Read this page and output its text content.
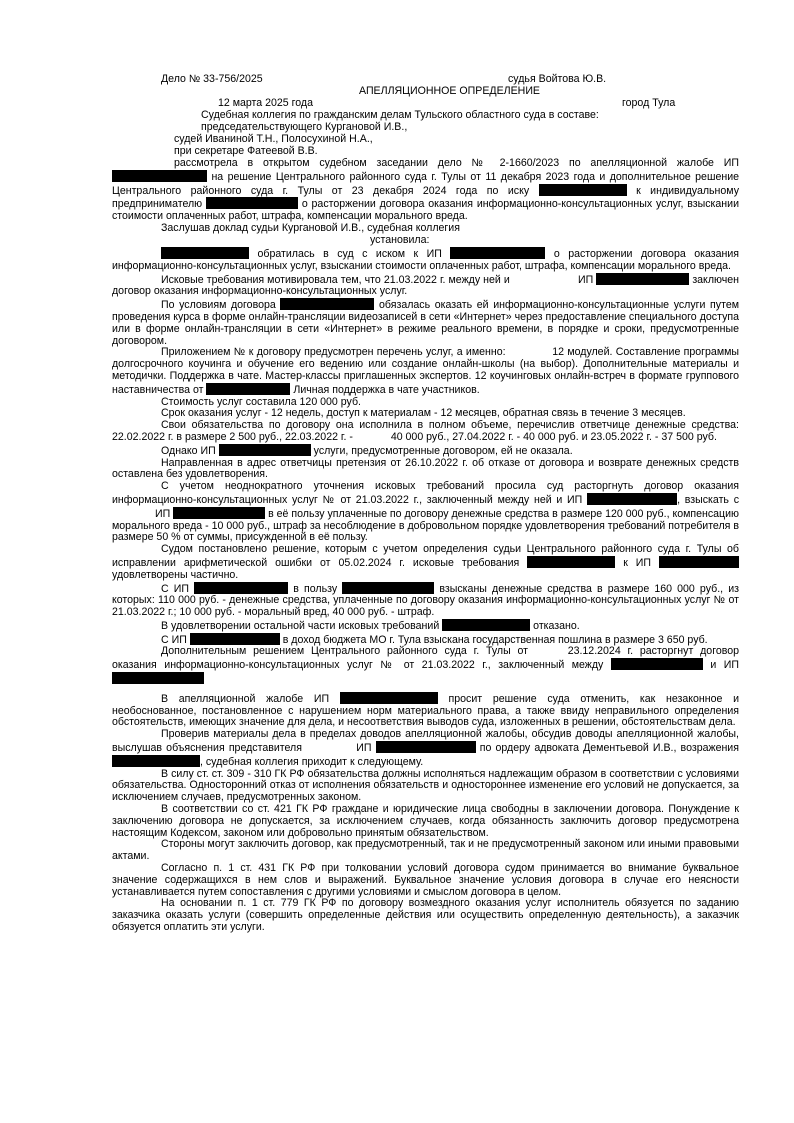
Дело № 33-756/2025	судья Войтова Ю.В.
АПЕЛЛЯЦИОННОЕ ОПРЕДЕЛЕНИЕ
12 марта 2025 года	город Тула
Судебная коллегия по гражданским делам Тульского областного суда в составе:
председательствующего Кургановой И.В.,
судей Иваниной Т.Н., Полосухиной Н.А.,
при секретаре Фатеевой В.В.

рассмотрела в открытом судебном заседании дело № 2-1660/2023 по апелляционной жалобе ИП  на решение Центрального районного суда г. Тулы от 11 декабря 2023 года и дополнительное решение Центрального районного суда г. Тулы от 23 декабря 2024 года по иску	к индивидуальному предпринимателю	о расторжении договора оказания информационно-консультационных услуг, взыскании стоимости оплаченных работ, штрафа, компенсации морального вреда.

Заслушав доклад судьи Кургановой И.В., судебная коллегия
установила:

обратилась в суд с иском к ИП	о расторжении договора оказания информационно-консультационных услуг, взыскании стоимости оплаченных работ, штрафа, компенсации морального вреда.

Исковые требования мотивировала тем, что 21.03.2022 г. между ней и	ИП	заключен договор оказания информационно-консультационных услуг.

По условиям договора	обязалась оказать ей информационно-консультационные услуги путем проведения курса в форме онлайн-трансляции видеозаписей в сети «Интернет» через предоставление специального доступа или в форме онлайн-трансляции в сети «Интернет» в режиме реального времени, в порядке и сроки, предусмотренные договором.

Приложением № к договору предусмотрен перечень услуг, а именно:	12 модулей. Составление программы долгосрочного коучинга и обучение его ведению или создание онлайн-школы (на выбор). Дополнительные материалы и методички. Поддержка в чате. Мастер-классы приглашенных экспертов. 12 коучинговых онлайн-встреч в формате группового наставничества от	Личная поддержка в чате участников.

Стоимость услуг составила 120 000 руб.

Срок оказания услуг - 12 недель, доступ к материалам - 12 месяцев, обратная связь в течение 3 месяцев.

Свои обязательства по договору она исполнила в полном объеме, перечислив ответчице денежные средства: 22.02.2022 г. в размере 2 500 руб., 22.03.2022 г. -	40 000 руб., 27.04.2022 г. - 40 000 руб. и 23.05.2022 г. - 37 500 руб.

Однако ИП	услуги, предусмотренные договором, ей не оказала.

Направленная в адрес ответчицы претензия от 26.10.2022 г. об отказе от договора и возврате денежных средств оставлена без удовлетворения.

С учетом неоднократного уточнения исковых требований просила суд расторгнуть договор оказания информационно-консультационных услуг № от 21.03.2022 г., заключенный между ней и ИП	, взыскать с  ИП	в её пользу уплаченные по договору денежные средства в размере 120 000 руб., компенсацию морального вреда - 10 000 руб., штраф за несоблюдение в добровольном порядке удовлетворения требований потребителя в размере 50 % от суммы, присужденной в её пользу.

Судом постановлено решение, которым с учетом определения судьи Центрального районного суда г. Тулы об исправлении арифметической ошибки от 05.02.2024 г. исковые требования	к ИП  удовлетворены частично.

С ИП	в пользу	взысканы денежные средства в размере 160 000 руб., из которых: 110 000 руб. - денежные средства, уплаченные по договору оказания информационно-консультационных услуг № от 21.03.2022 г.; 10 000 руб. - моральный вред, 40 000 руб. - штраф.

В удовлетворении остальной части исковых требований	отказано.

С ИП	в доход бюджета МО г. Тула взыскана государственная пошлина в размере 3 650 руб.

Дополнительным решением Центрального районного суда г. Тулы от	23.12.2024 г. расторгнут договор оказания информационно-консультационных услуг № от 21.03.2022 г., заключенный между	и ИП

В апелляционной жалобе ИП	просит решение суда отменить, как незаконное и необоснованное, постановленное с нарушением норм материального права, а также ввиду неправильного определения обстоятельств, имеющих значение для дела, и несоответствия выводов суда, изложенных в решении, обстоятельствам дела.

Проверив материалы дела в пределах доводов апелляционной жалобы, обсудив доводы апелляционной жалобы, выслушав объяснения представителя	ИП	по ордеру адвоката Дементьевой И.В., возражения , судебная коллегия приходит к следующему.

В силу ст. ст. 309 - 310 ГК РФ обязательства должны исполняться надлежащим образом в соответствии с условиями обязательства. Односторонний отказ от исполнения обязательств и одностороннее изменение его условий не допускается, за исключением случаев, предусмотренных законом.

В соответствии со ст. 421 ГК РФ граждане и юридические лица свободны в заключении договора. Понуждение к заключению договора не допускается, за исключением случаев, когда обязанность заключить договор предусмотрена настоящим Кодексом, законом или добровольно принятым обязательством.

Стороны могут заключить договор, как предусмотренный, так и не предусмотренный законом или иными правовыми актами.

Согласно п. 1 ст. 431 ГК РФ при толковании условий договора судом принимается во внимание буквальное значение содержащихся в нем слов и выражений. Буквальное значение условия договора в случае его неясности устанавливается путем сопоставления с другими условиями и смыслом договора в целом.

На основании п. 1 ст. 779 ГК РФ по договору возмездного оказания услуг исполнитель обязуется по заданию заказчика оказать услуги (совершить определенные действия или осуществить определенную деятельность), а заказчик обязуется оплатить эти услуги.
